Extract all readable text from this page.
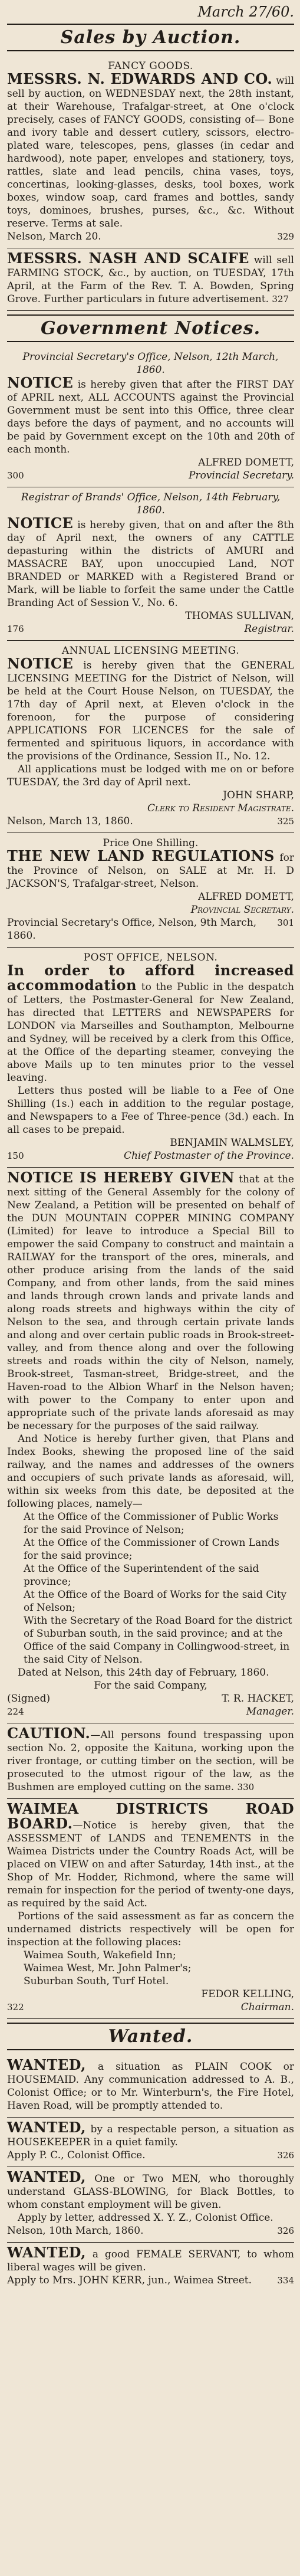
March 27/60.
Sales by Auction.

FANCY GOODS.

MESSRS. N. EDWARDS AND CO. will sell by auction, on WEDNESDAY next, the 28th instant, at their Warehouse, Trafalgar-street, at One o'clock precisely, cases of FANCY GOODS, consisting of— Bone and ivory table and dessert cutlery, scissors, electro-plated ware, telescopes, pens, glasses (in cedar and hardwood), note paper, envelopes and stationery, toys, rattles, slate and lead pencils, china vases, toys, concertinas, looking-glasses, desks, tool boxes, work boxes, window soap, card frames and bottles, sandy toys, dominoes, brushes, purses, &c., &c. Without reserve. Terms at sale.

Nelson, March 20.	329

MESSRS. NASH AND SCAIFE will sell FARMING STOCK, &c., by auction, on TUESDAY, 17th April, at the Farm of the Rev. T. A. Bowden, Spring Grove. Further particulars in future advertisement. 327

Government Notices.

Provincial Secretary's Office, Nelson, 12th March, 1860.

NOTICE is hereby given that after the FIRST DAY of APRIL next, ALL ACCOUNTS against the Provincial Government must be sent into this Office, three clear days before the days of payment, and no accounts will be paid by Government except on the 10th and 20th of each month.

ALFRED DOMETT,

300	Provincial Secretary.

Registrar of Brands' Office, Nelson, 14th February, 1860.

NOTICE is hereby given, that on and after the 8th day of April next, the owners of any CATTLE depasturing within the districts of AMURI and MASSACRE BAY, upon unoccupied Land, NOT BRANDED or MARKED with a Registered Brand or Mark, will be liable to forfeit the same under the Cattle Branding Act of Session V., No. 6.

THOMAS SULLIVAN,

176	Registrar.

ANNUAL LICENSING MEETING.

NOTICE is hereby given that the GENERAL LICENSING MEETING for the District of Nelson, will be held at the Court House Nelson, on TUESDAY, the 17th day of April next, at Eleven o'clock in the forenoon, for the purpose of considering APPLICATIONS FOR LICENCES for the sale of fermented and spirituous liquors, in accordance with the provisions of the Ordinance, Session II., No. 12.

All applications must be lodged with me on or before TUESDAY, the 3rd day of April next.

JOHN SHARP,

Clerk to Resident Magistrate.

Nelson, March 13, 1860.	325

Price One Shilling.

THE NEW LAND REGULATIONS for the Province of Nelson, on SALE at Mr. H. D JACKSON'S, Trafalgar-street, Nelson.

ALFRED DOMETT,

Provincial Secretary.

Provincial Secretary's Office, Nelson, 9th March, 1860.
301

POST OFFICE, NELSON.

In order to afford increased accommodation to the Public in the despatch of Letters, the Postmaster-General for New Zealand, has directed that LETTERS and NEWSPAPERS for LONDON via Marseilles and Southampton, Melbourne and Sydney, will be received by a clerk from this Office, at the Office of the departing steamer, conveying the above Mails up to ten minutes prior to the vessel leaving.

Letters thus posted will be liable to a Fee of One Shilling (1s.) each in addition to the regular postage, and Newspapers to a Fee of Three-pence (3d.) each. In all cases to be prepaid.

BENJAMIN WALMSLEY,

150	Chief Postmaster of the Province.

NOTICE IS HEREBY GIVEN that at the next sitting of the General Assembly for the colony of New Zealand, a Petition will be presented on behalf of the DUN MOUNTAIN COPPER MINING COMPANY (Limited) for leave to introduce a Special Bill to empower the said Company to construct and maintain a RAILWAY for the transport of the ores, minerals, and other produce arising from the lands of the said Company, and from other lands, from the said mines and lands through crown lands and private lands and along roads streets and highways within the city of Nelson to the sea, and through certain private lands and along and over certain public roads in Brook-street-valley, and from thence along and over the following streets and roads within the city of Nelson, namely, Brook-street, Tasman-street, Bridge-street, and the Haven-road to the Albion Wharf in the Nelson haven; with power to the Company to enter upon and appropriate such of the private lands aforesaid as may be necessary for the purposes of the said railway.

And Notice is hereby further given, that Plans and Index Books, shewing the proposed line of the said railway, and the names and addresses of the owners and occupiers of such private lands as aforesaid, will, within six weeks from this date, be deposited at the following places, namely—

At the Office of the Commissioner of Public Works for the said Province of Nelson;

At the Office of the Commissioner of Crown Lands for the said province;

At the Office of the Superintendent of the said province;

At the Office of the Board of Works for the said City of Nelson;

With the Secretary of the Road Board for the district of Suburban south, in the said province; and at the Office of the said Company in Collingwood-street, in the said City of Nelson.

Dated at Nelson, this 24th day of February, 1860.

For the said Company,

(Signed)	T. R. HACKET,
224	Manager.

CAUTION.—All persons found trespassing upon section No. 2, opposite the Kaituna, working upon the river frontage, or cutting timber on the section, will be prosecuted to the utmost rigour of the law, as the Bushmen are employed cutting on the same. 330

WAIMEA DISTRICTS ROAD BOARD.—Notice is hereby given, that the ASSESSMENT of LANDS and TENEMENTS in the Waimea Districts under the Country Roads Act, will be placed on VIEW on and after Saturday, 14th inst., at the Shop of Mr. Hodder, Richmond, where the same will remain for inspection for the period of twenty-one days, as required by the said Act.

Portions of the said assessment as far as concern the undernamed districts respectively will be open for inspection at the following places:

Waimea South, Wakefield Inn;

Waimea West, Mr. John Palmer's;

Suburban South, Turf Hotel.

FEDOR KELLING,

322	Chairman.
Wanted.

WANTED, a situation as PLAIN COOK or HOUSEMAID. Any communication addressed to A. B., Colonist Office; or to Mr. Winterburn's, the Fire Hotel, Haven Road, will be promptly attended to.

WANTED, by a respectable person, a situation as HOUSEKEEPER in a quiet family.

Apply P. C., Colonist Office.	326

WANTED, One or Two MEN, who thoroughly understand GLASS-BLOWING, for Black Bottles, to whom constant employment will be given.

Apply by letter, addressed X. Y. Z., Colonist Office.

Nelson, 10th March, 1860.	326

WANTED, a good FEMALE SERVANT, to whom liberal wages will be given.

Apply to Mrs. JOHN KERR, jun., Waimea Street.	334
